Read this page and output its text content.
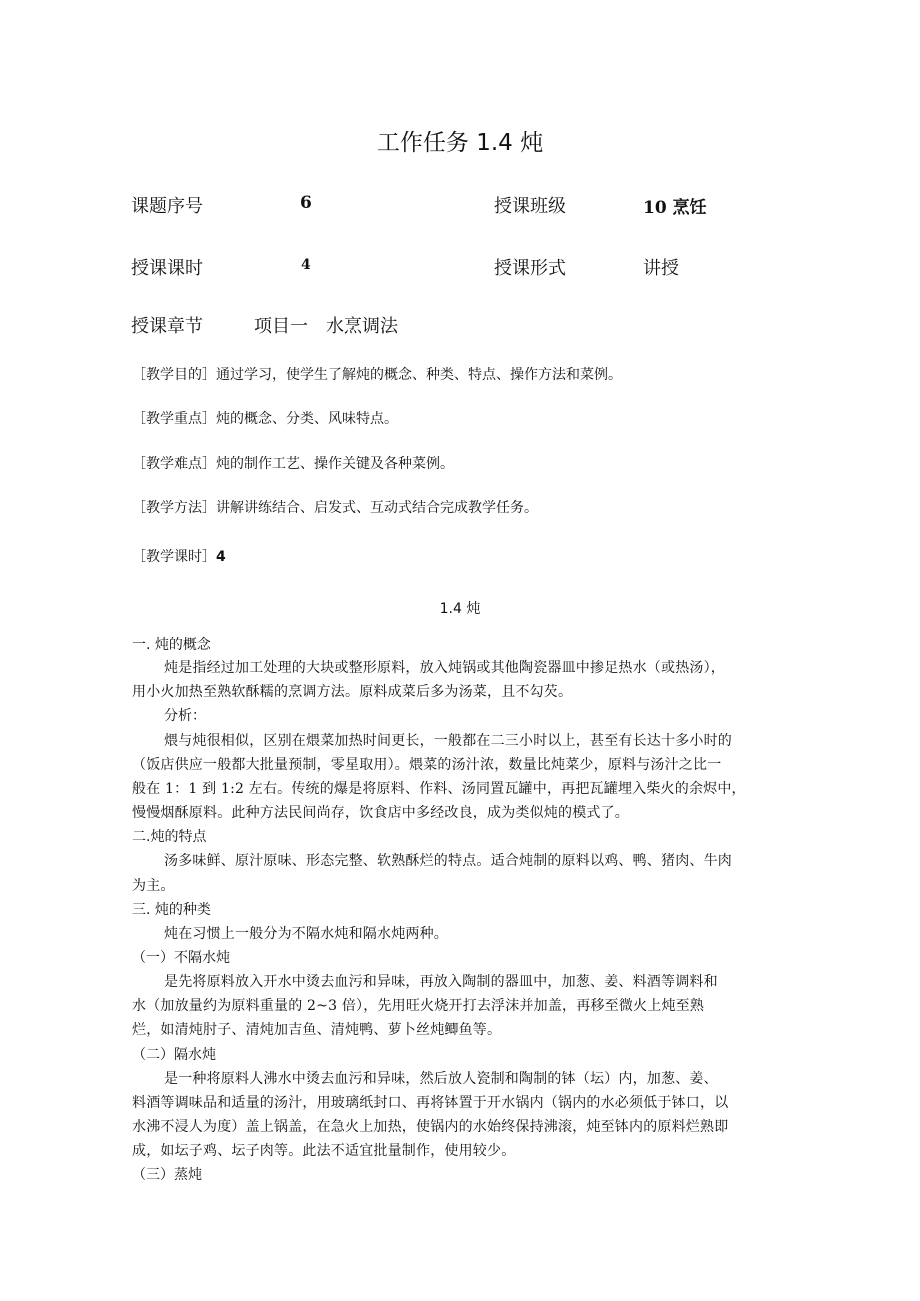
工作任务 1.4 炖
课题序号	6	授课班级	10 烹饪
授课课时	4	授课形式	讲授
授课章节	项目一　水烹调法
［教学目的］通过学习，使学生了解炖的概念、种类、特点、操作方法和菜例。
［教学重点］炖的概念、分类、风味特点。
［教学难点］炖的制作工艺、操作关键及各种菜例。
［教学方法］讲解讲练结合、启发式、互动式结合完成教学任务。
［教学课时］4
1.4 炖
一. 炖的概念
炖是指经过加工处理的大块或整形原料，放入炖锅或其他陶瓷器皿中掺足热水（或热汤），
用小火加热至熟软酥糯的烹调方法。原料成菜后多为汤菜，且不勾芡。
分析：
煨与炖很相似，区别在煨菜加热时间更长，一般都在二三小时以上，甚至有长达十多小时的
（饭店供应一般都大批量预制，零星取用）。煨菜的汤汁浓，数量比炖菜少，原料与汤汁之比一
般在 1：1 到 1:2 左右。传统的爆是将原料、作料、汤同置瓦罐中，再把瓦罐埋入柴火的余烬中，
慢慢烟酥原料。此种方法民间尚存，饮食店中多经改良，成为类似炖的模式了。
二.炖的特点
汤多味鲜、原汁原味、形态完整、软熟酥烂的特点。适合炖制的原料以鸡、鸭、猪肉、牛肉
为主。
三. 炖的种类
炖在习惯上一般分为不隔水炖和隔水炖两种。
（一）不隔水炖
是先将原料放入开水中烫去血污和异味，再放入陶制的器皿中，加葱、姜、料酒等调料和
水（加放量约为原料重量的 2~3 倍），先用旺火烧开打去浮沫并加盖，再移至微火上炖至熟
烂，如清炖肘子、清炖加吉鱼、清炖鸭、萝卜丝炖鲫鱼等。
（二）隔水炖
是一种将原料人沸水中烫去血污和异味，然后放人瓷制和陶制的钵（坛）内，加葱、姜、
料酒等调味品和适量的汤汁，用玻璃纸封口、再将钵置于开水锅内（锅内的水必须低于钵口，以
水沸不浸人为度）盖上锅盖，在急火上加热，使锅内的水始终保持沸滚，炖至钵内的原料烂熟即
成，如坛子鸡、坛子肉等。此法不适宜批量制作，使用较少。
（三）蒸炖
